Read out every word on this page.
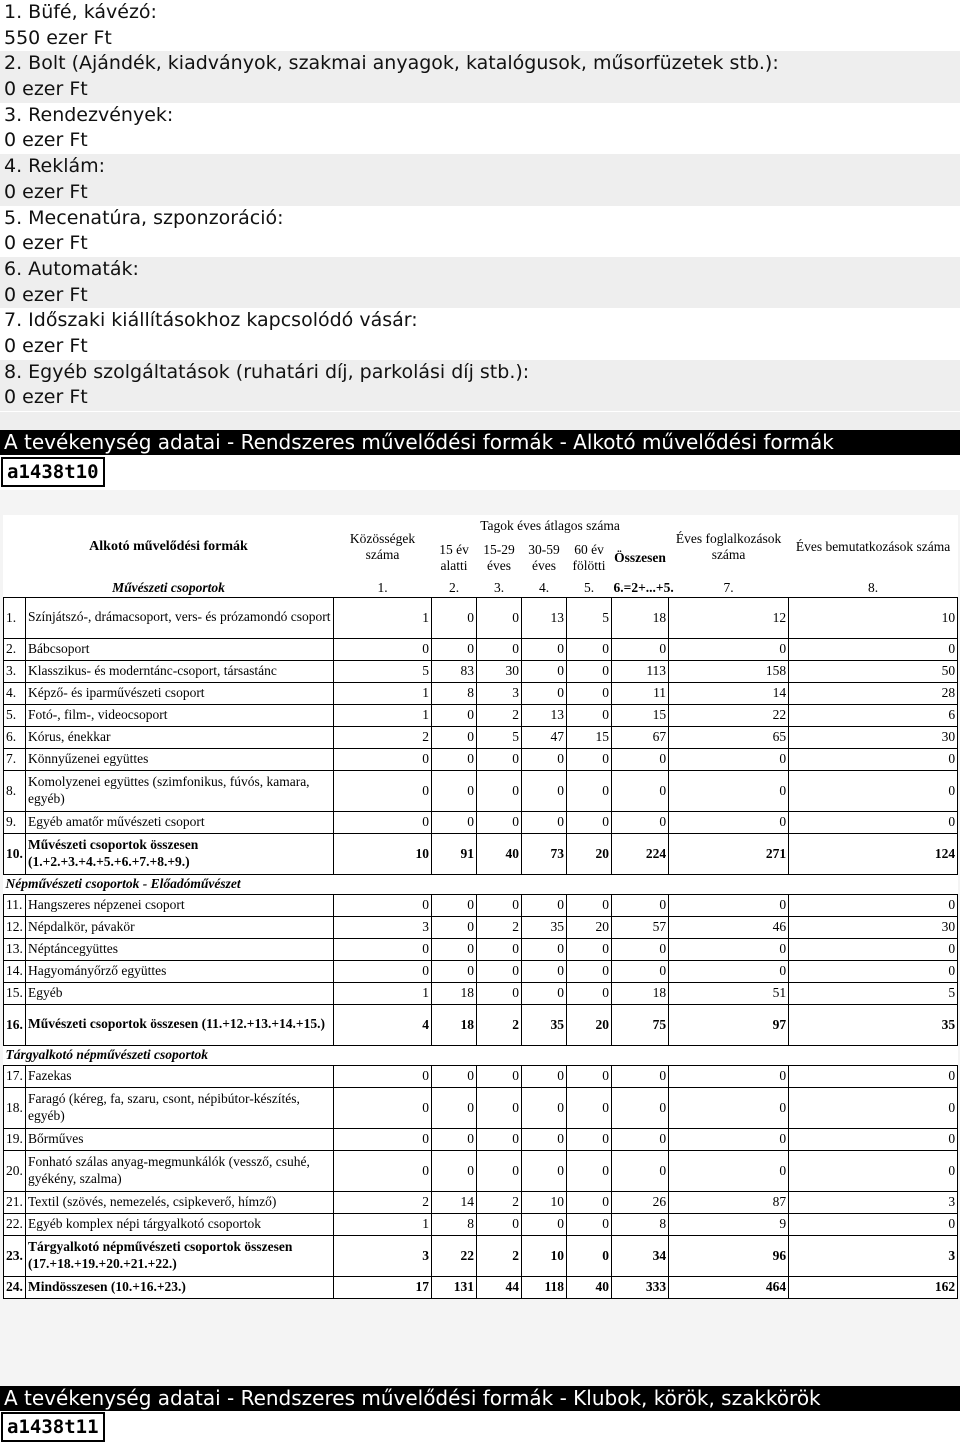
1. Büfé, kávézó:
550 ezer Ft
2. Bolt (Ajándék, kiadványok, szakmai anyagok, katalógusok, műsorfüzetek stb.):
0 ezer Ft
3. Rendezvények:
0 ezer Ft
4. Reklám:
0 ezer Ft
5. Mecenatúra, szponzoráció:
0 ezer Ft
6. Automaták:
0 ezer Ft
7. Időszaki kiállításokhoz kapcsolódó vásár:
0 ezer Ft
8. Egyéb szolgáltatások (ruhatári díj, parkolási díj stb.):
0 ezer Ft
A tevékenység adatai - Rendszeres művelődési formák - Alkotó művelődési formák
a1438t10
Alkotó művelődési formák		Közösségek száma	Tagok éves átlagos száma					Éves foglalkozások száma	Éves bemutatkozások száma
			15 év alatti	15-29 éves	30-59 éves	60 év fölötti	Összesen		
Művészeti csoportok		1.	2.	3.	4.	5.	6.=2+...+5.	7.	8.
1.	Színjátszó-, drámacsoport, vers- és prózamondó csoport	1	0	0	13	5	18	12	10
2.	Bábcsoport	0	0	0	0	0	0	0	0
3.	Klasszikus- és moderntánc-csoport, társastánc	5	83	30	0	0	113	158	50
4.	Képző- és iparművészeti csoport	1	8	3	0	0	11	14	28
5.	Fotó-, film-, videocsoport	1	0	2	13	0	15	22	6
6.	Kórus, énekkar	2	0	5	47	15	67	65	30
7.	Könnyűzenei együttes	0	0	0	0	0	0	0	0
8.	Komolyzenei együttes (szimfonikus, fúvós, kamara, egyéb)	0	0	0	0	0	0	0	0
9.	Egyéb amatőr művészeti csoport	0	0	0	0	0	0	0	0
10.	Művészeti csoportok összesen (1.+2.+3.+4.+5.+6.+7.+8.+9.)	10	91	40	73	20	224	271	124
Népművészeti csoportok - Előadóművészet									
11.	Hangszeres népzenei csoport	0	0	0	0	0	0	0	0
12.	Népdalkör, pávakör	3	0	2	35	20	57	46	30
13.	Néptáncegyüttes	0	0	0	0	0	0	0	0
14.	Hagyományőrző együttes	0	0	0	0	0	0	0	0
15.	Egyéb	1	18	0	0	0	18	51	5
16.	Művészeti csoportok összesen (11.+12.+13.+14.+15.)	4	18	2	35	20	75	97	35
Tárgyalkotó népművészeti csoportok									
17.	Fazekas	0	0	0	0	0	0	0	0
18.	Faragó (kéreg, fa, szaru, csont, népibútor-készítés, egyéb)	0	0	0	0	0	0	0	0
19.	Bőrműves	0	0	0	0	0	0	0	0
20.	Fonható szálas anyag-megmunkálók (vessző, csuhé, gyékény, szalma)	0	0	0	0	0	0	0	0
21.	Textil (szövés, nemezelés, csipkeverő, hímző)	2	14	2	10	0	26	87	3
22.	Egyéb komplex népi tárgyalkotó csoportok	1	8	0	0	0	8	9	0
23.	Tárgyalkotó népművészeti csoportok összesen (17.+18.+19.+20.+21.+22.)	3	22	2	10	0	34	96	3
24.	Mindösszesen (10.+16.+23.)	17	131	44	118	40	333	464	162
A tevékenység adatai - Rendszeres művelődési formák - Klubok, körök, szakkörök
a1438t11
